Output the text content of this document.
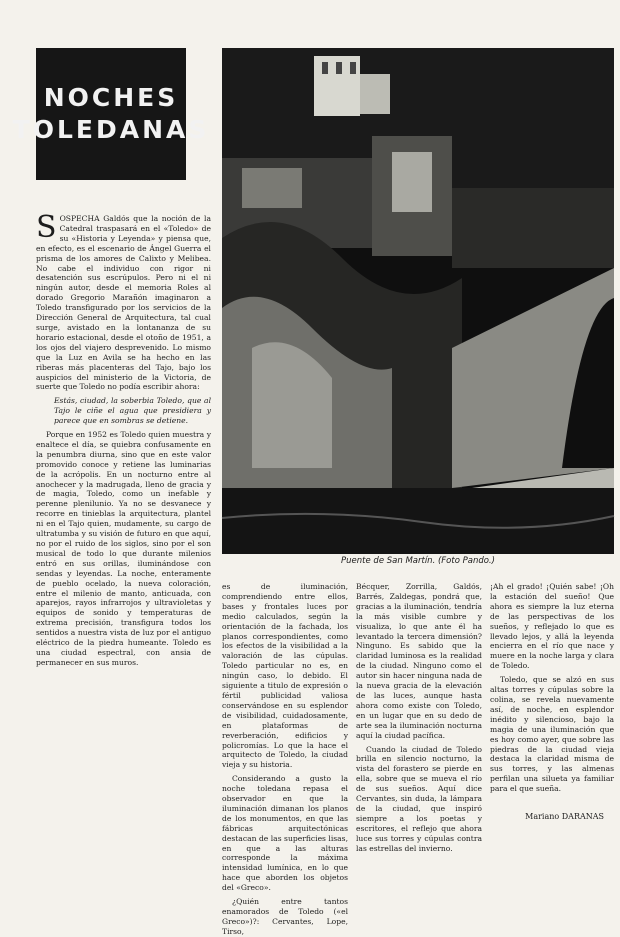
NOCHES
TOLEDANAS
Puente de San Martín. (Foto Pando.)

SOSPECHA Galdós que la noción de la Catedral traspasará en el «Toledo» de su «Historia y Leyenda» y piensa que, en efecto, es el escenario de Ángel Guerra el prisma de los amores de Calixto y Melibea. No cabe el individuo con rigor ni desatención sus escrúpulos. Pero ni el ni ningún autor, desde el memoria Roles al dorado Gregorio Marañón imaginaron a Toledo transfigurado por los servicios de la Dirección General de Arquitectura, tal cual surge, avistado en la lontananza de su horario estacional, desde el otoño de 1951, a los ojos del viajero desprevenido. Lo mismo que la Luz en Avila se ha hecho en las riberas más placenteras del Tajo, bajo los auspicios del ministerio de la Victoria, de suerte que Toledo no podía escribir ahora:

Estás, ciudad, la soberbia Toledo, que al Tajo le ciñe el agua que presidiera y parece que en sombras se detiene.

Porque en 1952 es Toledo quien muestra y enaltece el día, se quiebra confusamente en la penumbra diurna, sino que en este valor promovido conoce y retiene las luminarias de la acrópolis. En un nocturno entre al anochecer y la madrugada, lleno de gracia y de magia, Toledo, como un inefable y perenne plenilunio. Ya no se desvanece y recorre en tinieblas la arquitectura, plantel ni en el Tajo quien, mudamente, su cargo de ultratumba y su visión de futuro en que aquí, no por el ruido de los siglos, sino por el son musical de todo lo que durante milenios entró en sus orillas, iluminándose con sendas y leyendas. La noche, enteramente de pueblo ocelado, la nueva coloración, entre el milenio de manto, anticuada, con aparejos, rayos infrarrojos y ultravioletas y equipos de sonido y temperaturas de extrema precisión, transfigura todos los sentidos a nuestra vista de luz por el antiguo eléctrico de la piedra humeante. Toledo es una ciudad espectral, con ansia de permanecer en sus muros.

es de iluminación, comprendiendo entre ellos, bases y frontales luces por medio calculados, según la orientación de la fachada, los planos correspondientes, como los efectos de la visibilidad a la valoración de las cúpulas. Toledo particular no es, en ningún caso, lo debido. El siguiente a titulo de expresión o fértil publicidad valiosa conservándose en su esplendor de visibilidad, cuidadosamente, en plataformas de reverberación, edificios y policromías. Lo que la hace el arquitecto de Toledo, la ciudad vieja y su historia.

Considerando a gusto la noche toledana repasa el observador en que la iluminación dimanan los planos de los monumentos, en que las fábricas arquitectónicas destacan de las superficies lisas, en que a las alturas corresponde la máxima intensidad lumínica, en lo que hace que aborden los objetos del «Greco».

¿Quién entre tantos enamorados de Toledo («el Greco»)?: Cervantes, Lope, Tirso,

Bécquer, Zorrilla, Galdós, Barrés, Zaldegas, pondrá que, gracias a la iluminación, tendría la más visible cumbre y visualiza, lo que ante él ha levantado la tercera dimensión? Ninguno. Es sabido que la claridad luminosa es la realidad de la ciudad. Ninguno como el autor sin hacer ninguna nada de la nueva gracia de la elevación de las luces, aunque hasta ahora como existe con Toledo, en un lugar que en su dedo de arte sea la iluminación nocturna aquí la ciudad pacífica.

Cuando la ciudad de Toledo brilla en silencio nocturno, la vista del forastero se pierde en ella, sobre que se mueva el río de sus sueños. Aquí dice Cervantes, sin duda, la lámpara de la ciudad, que inspiró siempre a los poetas y escritores, el reflejo que ahora luce sus torres y cúpulas contra las estrellas del invierno.

¡Ah el grado! ¡Quién sabe! ¡Oh la estación del sueño! Que ahora es siempre la luz eterna de las perspectivas de los sueños, y reflejado lo que es llevado lejos, y allá la leyenda encierra en el río que nace y muere en la noche larga y clara de Toledo.

Toledo, que se alzó en sus altas torres y cúpulas sobre la colina, se revela nuevamente así, de noche, en esplendor inédito y silencioso, bajo la magia de una iluminación que es hoy como ayer, que sobre las piedras de la ciudad vieja destaca la claridad misma de sus torres, y las almenas perfilan una silueta ya familiar para el que sueña.

Mariano DARANAS
